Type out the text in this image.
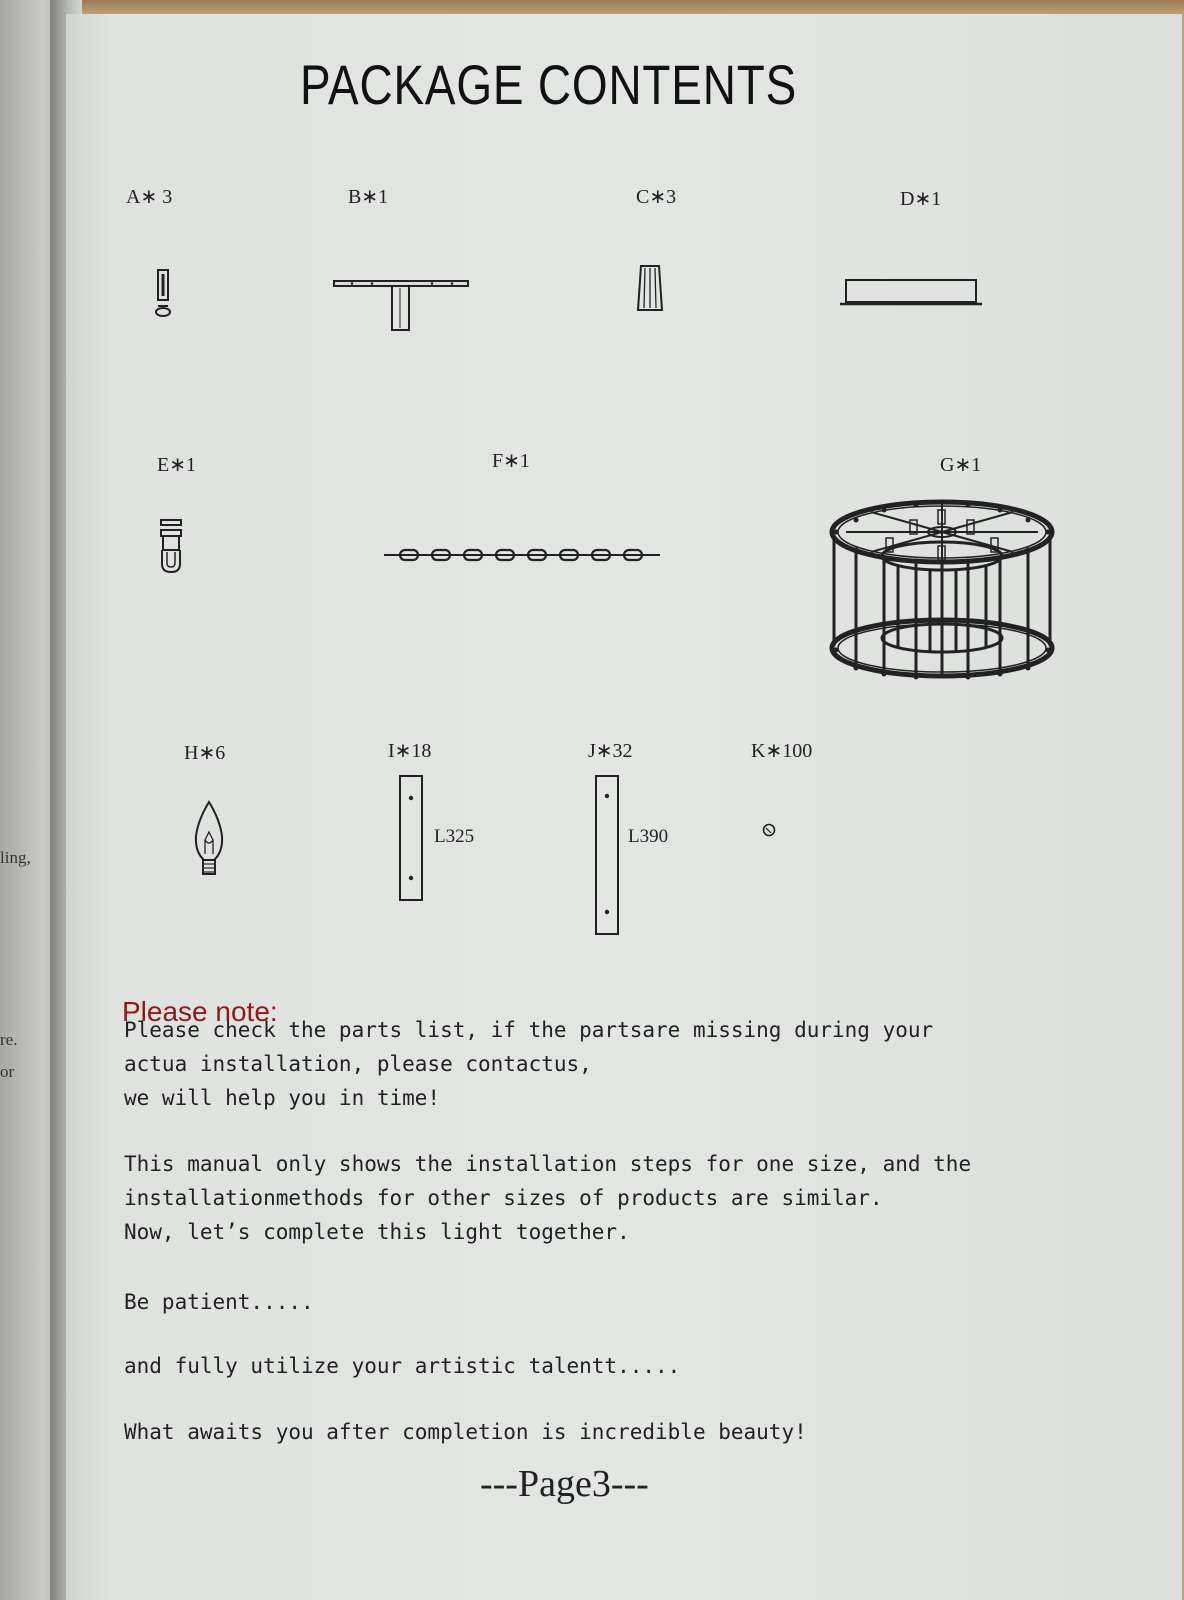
ling,
re.
or
PACKAGE CONTENTS
A∗ 3	B∗1	C∗3	D∗1
E∗1	F∗1	G∗1
H∗6	I∗18	J∗32	K∗100
L325	L390
Please note:
Please check the parts list, if the partsare missing during your
actua installation, please contactus,
we will help you in time!
This manual only shows the installation steps for one size, and the
installationmethods for other sizes of products are similar.
Now, let’s complete this light together.
Be patient.....
and fully utilize your artistic talentt.....
What awaits you after completion is incredible beauty!
---Page3---
